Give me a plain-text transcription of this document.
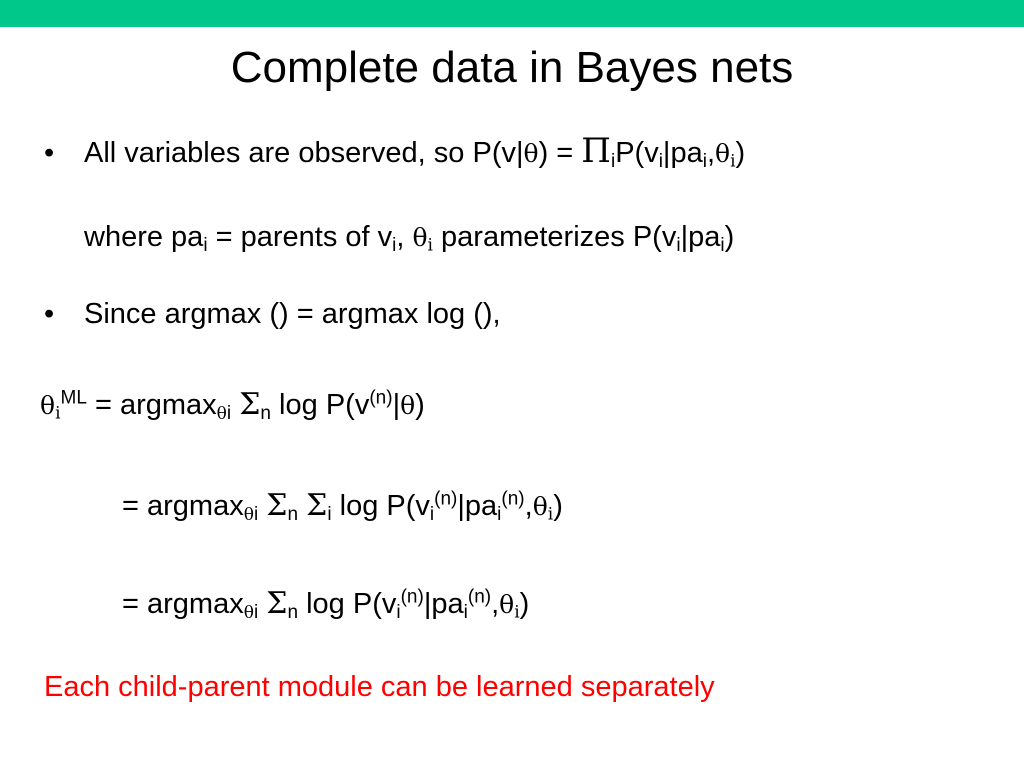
Complete data in Bayes nets
• All variables are observed, so $P(v|\theta) = \Pi_iP(v_i|pa_i,\theta_i)$
where $pa_i$ = parents of $v_i$, $\theta_i$ parameterizes $P(v_i|pa_i)$
• Since argmax () = argmax log (),
$\theta_i^{ML} = argmax_{\theta i}$ $\Sigma_n$ $\log P(v^{(n)}|\theta)$
= argmax$_{\theta i}$ $\Sigma_n$ $\Sigma_i$ $\log P(v_i^{(n)}|pa_i^{(n)},\theta_i)$
= argmax$_{\theta i}$ $\Sigma_n$ $\log P(v_i^{(n)}|pa_i^{(n)},\theta_i)$
Each child-parent module can be learned separately
